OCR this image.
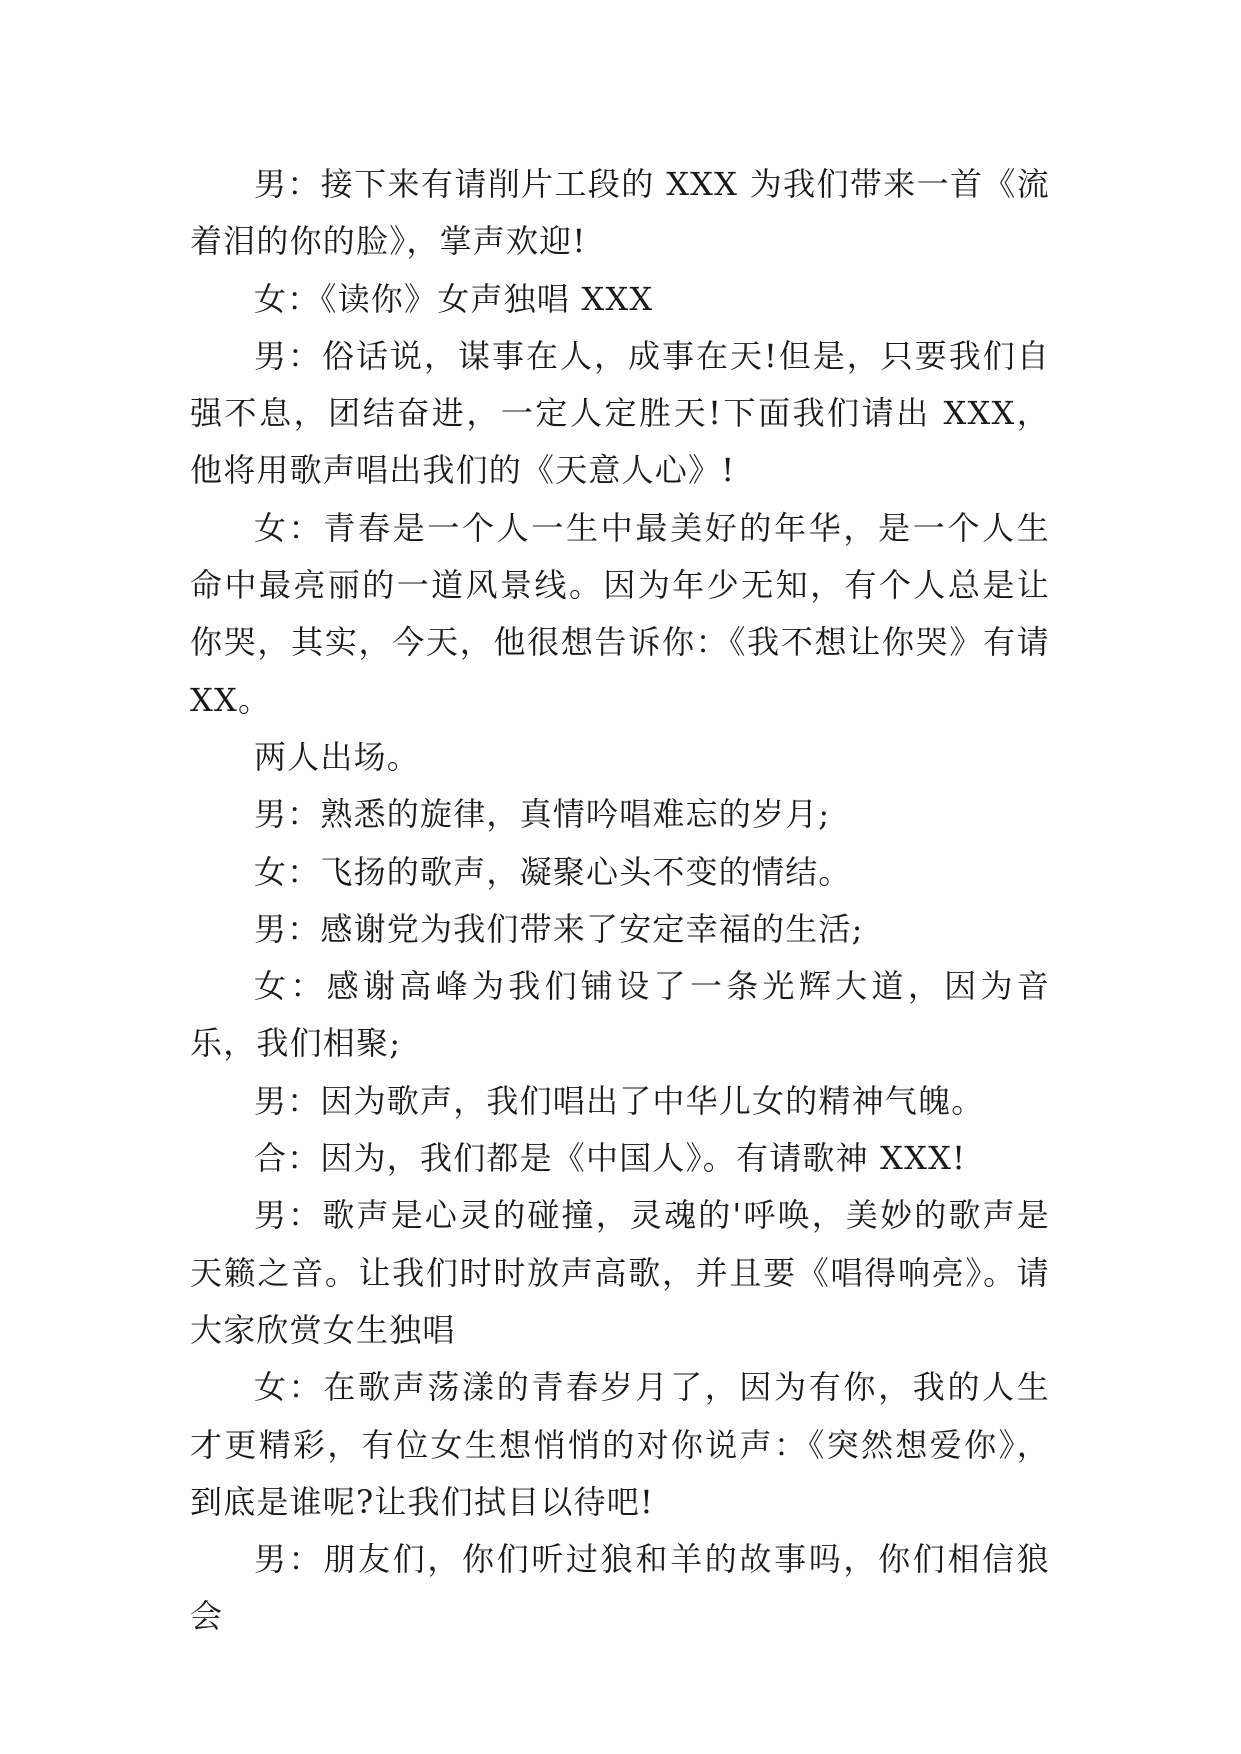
男：接下来有请削片工段的 XXX 为我们带来一首《流着泪的你的脸》，掌声欢迎!

女：《读你》女声独唱 XXX

男：俗话说，谋事在人，成事在天!但是，只要我们自强不息，团结奋进，一定人定胜天!下面我们请出 XXX，他将用歌声唱出我们的《天意人心》!

女：青春是一个人一生中最美好的年华，是一个人生命中最亮丽的一道风景线。因为年少无知，有个人总是让你哭，其实，今天，他很想告诉你：《我不想让你哭》有请 XX。

两人出场。

男：熟悉的旋律，真情吟唱难忘的岁月;

女：飞扬的歌声，凝聚心头不变的情结。

男：感谢党为我们带来了安定幸福的生活;

女：感谢高峰为我们铺设了一条光辉大道，因为音乐，我们相聚;

男：因为歌声，我们唱出了中华儿女的精神气魄。

合：因为，我们都是《中国人》。有请歌神 XXX!

男：歌声是心灵的碰撞，灵魂的'呼唤，美妙的歌声是天籁之音。让我们时时放声高歌，并且要《唱得响亮》。请大家欣赏女生独唱

女：在歌声荡漾的青春岁月了，因为有你，我的人生才更精彩，有位女生想悄悄的对你说声：《突然想爱你》，到底是谁呢?让我们拭目以待吧!

男：朋友们，你们听过狼和羊的故事吗，你们相信狼会
